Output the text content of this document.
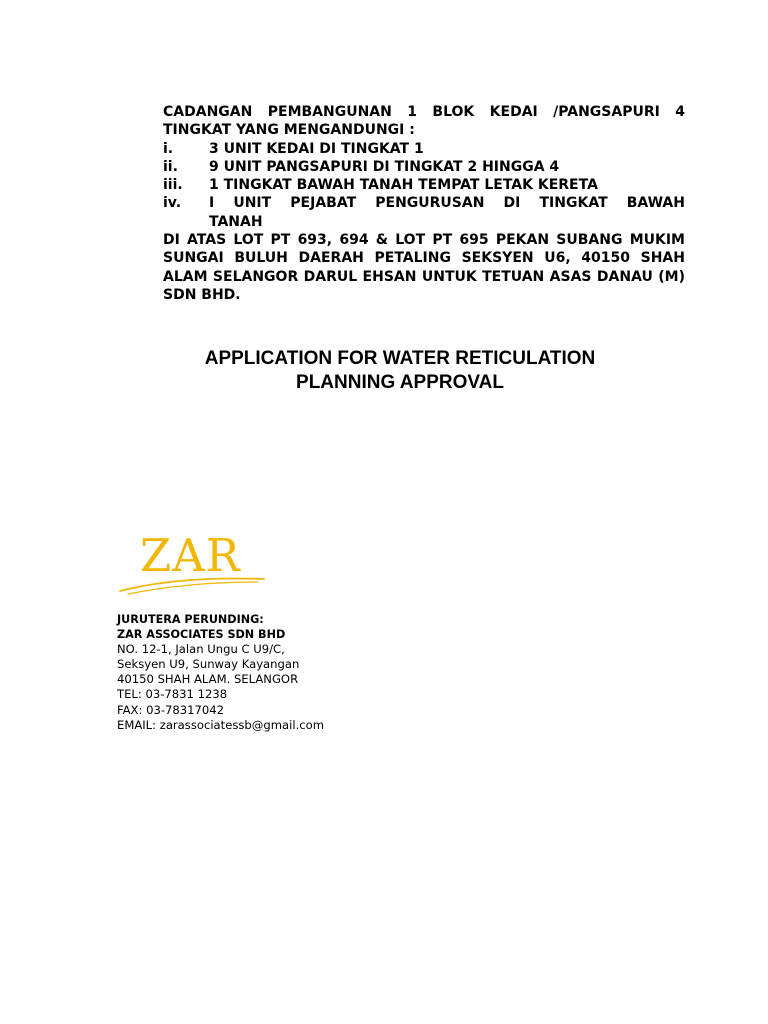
CADANGAN PEMBANGUNAN 1 BLOK KEDAI /PANGSAPURI 4 TINGKAT YANG MENGANDUNGI :

i.	3 UNIT KEDAI DI TINGKAT 1
ii.	9 UNIT PANGSAPURI DI TINGKAT 2 HINGGA 4
iii.	1 TINGKAT BAWAH TANAH TEMPAT LETAK KERETA
iv.	I UNIT PEJABAT PENGURUSAN DI TINGKAT BAWAH
TANAH

DI ATAS LOT PT 693, 694 & LOT PT 695 PEKAN SUBANG MUKIM SUNGAI BULUH DAERAH PETALING SEKSYEN U6, 40150 SHAH ALAM SELANGOR DARUL EHSAN UNTUK TETUAN ASAS DANAU (M) SDN BHD.

APPLICATION FOR WATER RETICULATION
PLANNING APPROVAL
ZAR
JURUTERA PERUNDING:
ZAR ASSOCIATES SDN BHD
NO. 12-1, Jalan Ungu C U9/C,
Seksyen U9, Sunway Kayangan
40150 SHAH ALAM. SELANGOR
TEL: 03-7831 1238
FAX: 03-78317042
EMAIL: zarassociatessb@gmail.com
